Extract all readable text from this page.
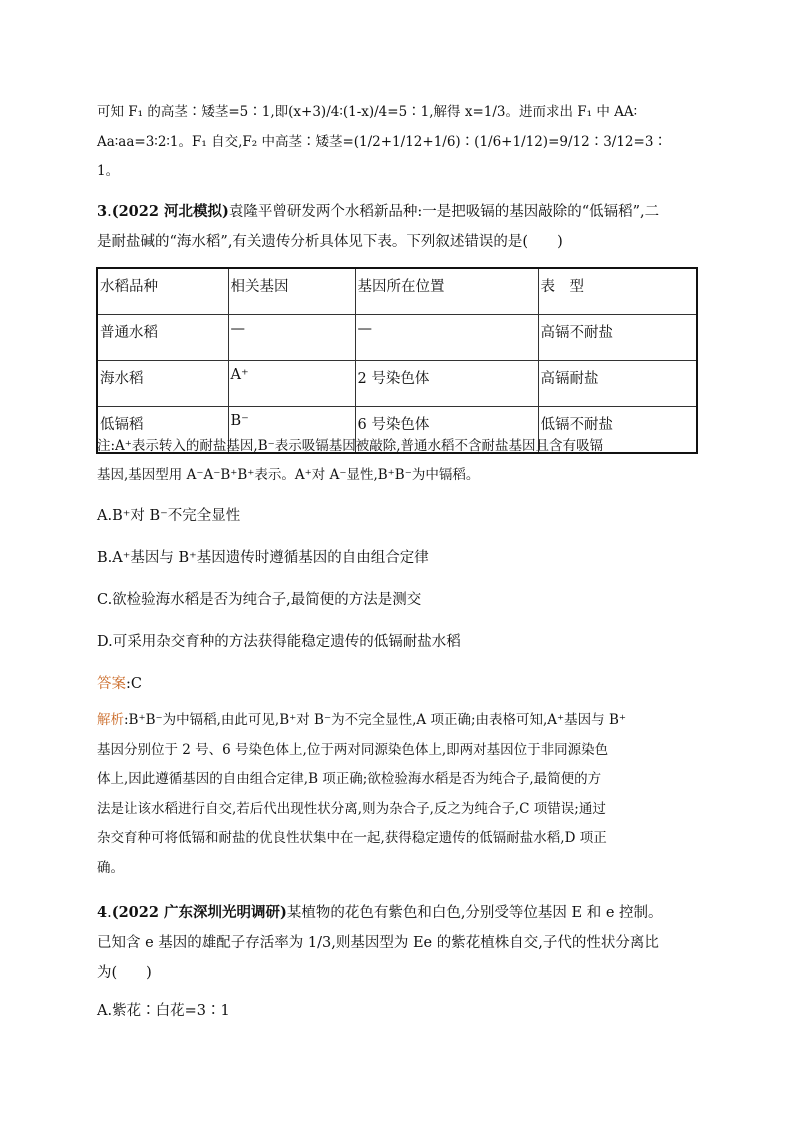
可知 F₁ 的高茎∶矮茎=5∶1,即(x+3)/4∶(1-x)/4=5∶1,解得 x=1/3。进而求出 F₁ 中 AA∶

Aa∶aa=3∶2∶1。F₁ 自交,F₂ 中高茎∶矮茎=(1/2+1/12+1/6)∶(1/6+1/12)=9/12∶3/12=3∶

1。

3.(2022 河北模拟)袁隆平曾研发两个水稻新品种:一是把吸镉的基因敲除的“低镉稻”,二

是耐盐碱的“海水稻”,有关遗传分析具体见下表。下列叙述错误的是(　　)

水稻品种	相关基因	基因所在位置	表　型
普通水稻	—	—	高镉不耐盐
海水稻	A⁺	2 号染色体	高镉耐盐
低镉稻	B⁻	6 号染色体	低镉不耐盐

注:A⁺表示转入的耐盐基因,B⁻表示吸镉基因被敲除,普通水稻不含耐盐基因且含有吸镉

基因,基因型用 A⁻A⁻B⁺B⁺表示。A⁺对 A⁻显性,B⁺B⁻为中镉稻。

A.B⁺对 B⁻不完全显性
B.A⁺基因与 B⁺基因遗传时遵循基因的自由组合定律
C.欲检验海水稻是否为纯合子,最简便的方法是测交
D.可采用杂交育种的方法获得能稳定遗传的低镉耐盐水稻
答案:C

解析:B⁺B⁻为中镉稻,由此可见,B⁺对 B⁻为不完全显性,A 项正确;由表格可知,A⁺基因与 B⁺

基因分别位于 2 号、6 号染色体上,位于两对同源染色体上,即两对基因位于非同源染色

体上,因此遵循基因的自由组合定律,B 项正确;欲检验海水稻是否为纯合子,最简便的方

法是让该水稻进行自交,若后代出现性状分离,则为杂合子,反之为纯合子,C 项错误;通过

杂交育种可将低镉和耐盐的优良性状集中在一起,获得稳定遗传的低镉耐盐水稻,D 项正

确。

4.(2022 广东深圳光明调研)某植物的花色有紫色和白色,分别受等位基因 E 和 e 控制。

已知含 e 基因的雄配子存活率为 1/3,则基因型为 Ee 的紫花植株自交,子代的性状分离比

为(　　)

A.紫花∶白花=3∶1
